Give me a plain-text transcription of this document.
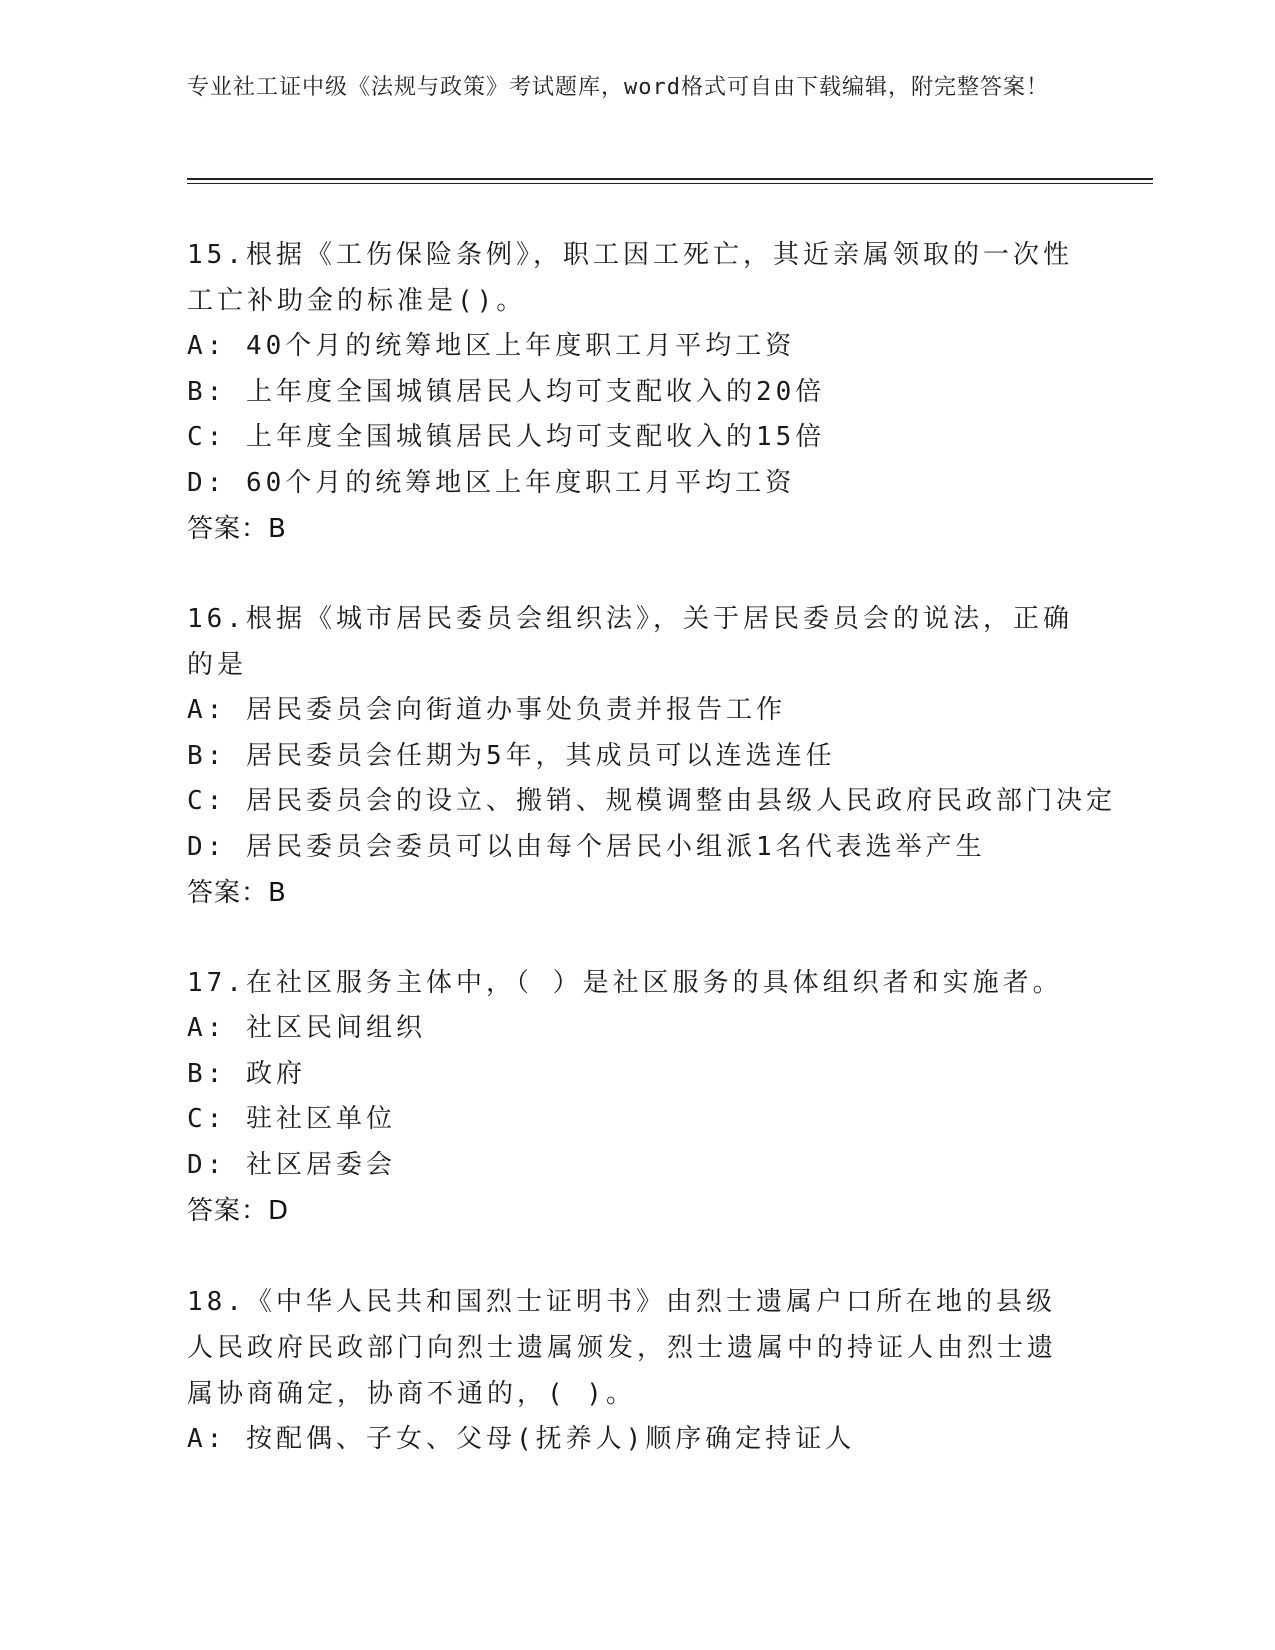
专业社工证中级《法规与政策》考试题库，word格式可自由下载编辑，附完整答案！

15.根据《工伤保险条例》，职工因工死亡，其近亲属领取的一次性工亡补助金的标准是()。

A: 40个月的统筹地区上年度职工月平均工资

B: 上年度全国城镇居民人均可支配收入的20倍

C: 上年度全国城镇居民人均可支配收入的15倍

D: 60个月的统筹地区上年度职工月平均工资

答案：B

16.根据《城市居民委员会组织法》，关于居民委员会的说法，正确的是

A: 居民委员会向街道办事处负责并报告工作

B: 居民委员会任期为5年，其成员可以连选连任

C: 居民委员会的设立、搬销、规模调整由县级人民政府民政部门决定

D: 居民委员会委员可以由每个居民小组派1名代表选举产生

答案：B

17.在社区服务主体中，（ ）是社区服务的具体组织者和实施者。

A: 社区民间组织

B: 政府

C: 驻社区单位

D: 社区居委会

答案：D

18.《中华人民共和国烈士证明书》由烈士遗属户口所在地的县级人民政府民政部门向烈士遗属颁发，烈士遗属中的持证人由烈士遗属协商确定，协商不通的，( )。

A: 按配偶、子女、父母(抚养人)顺序确定持证人
